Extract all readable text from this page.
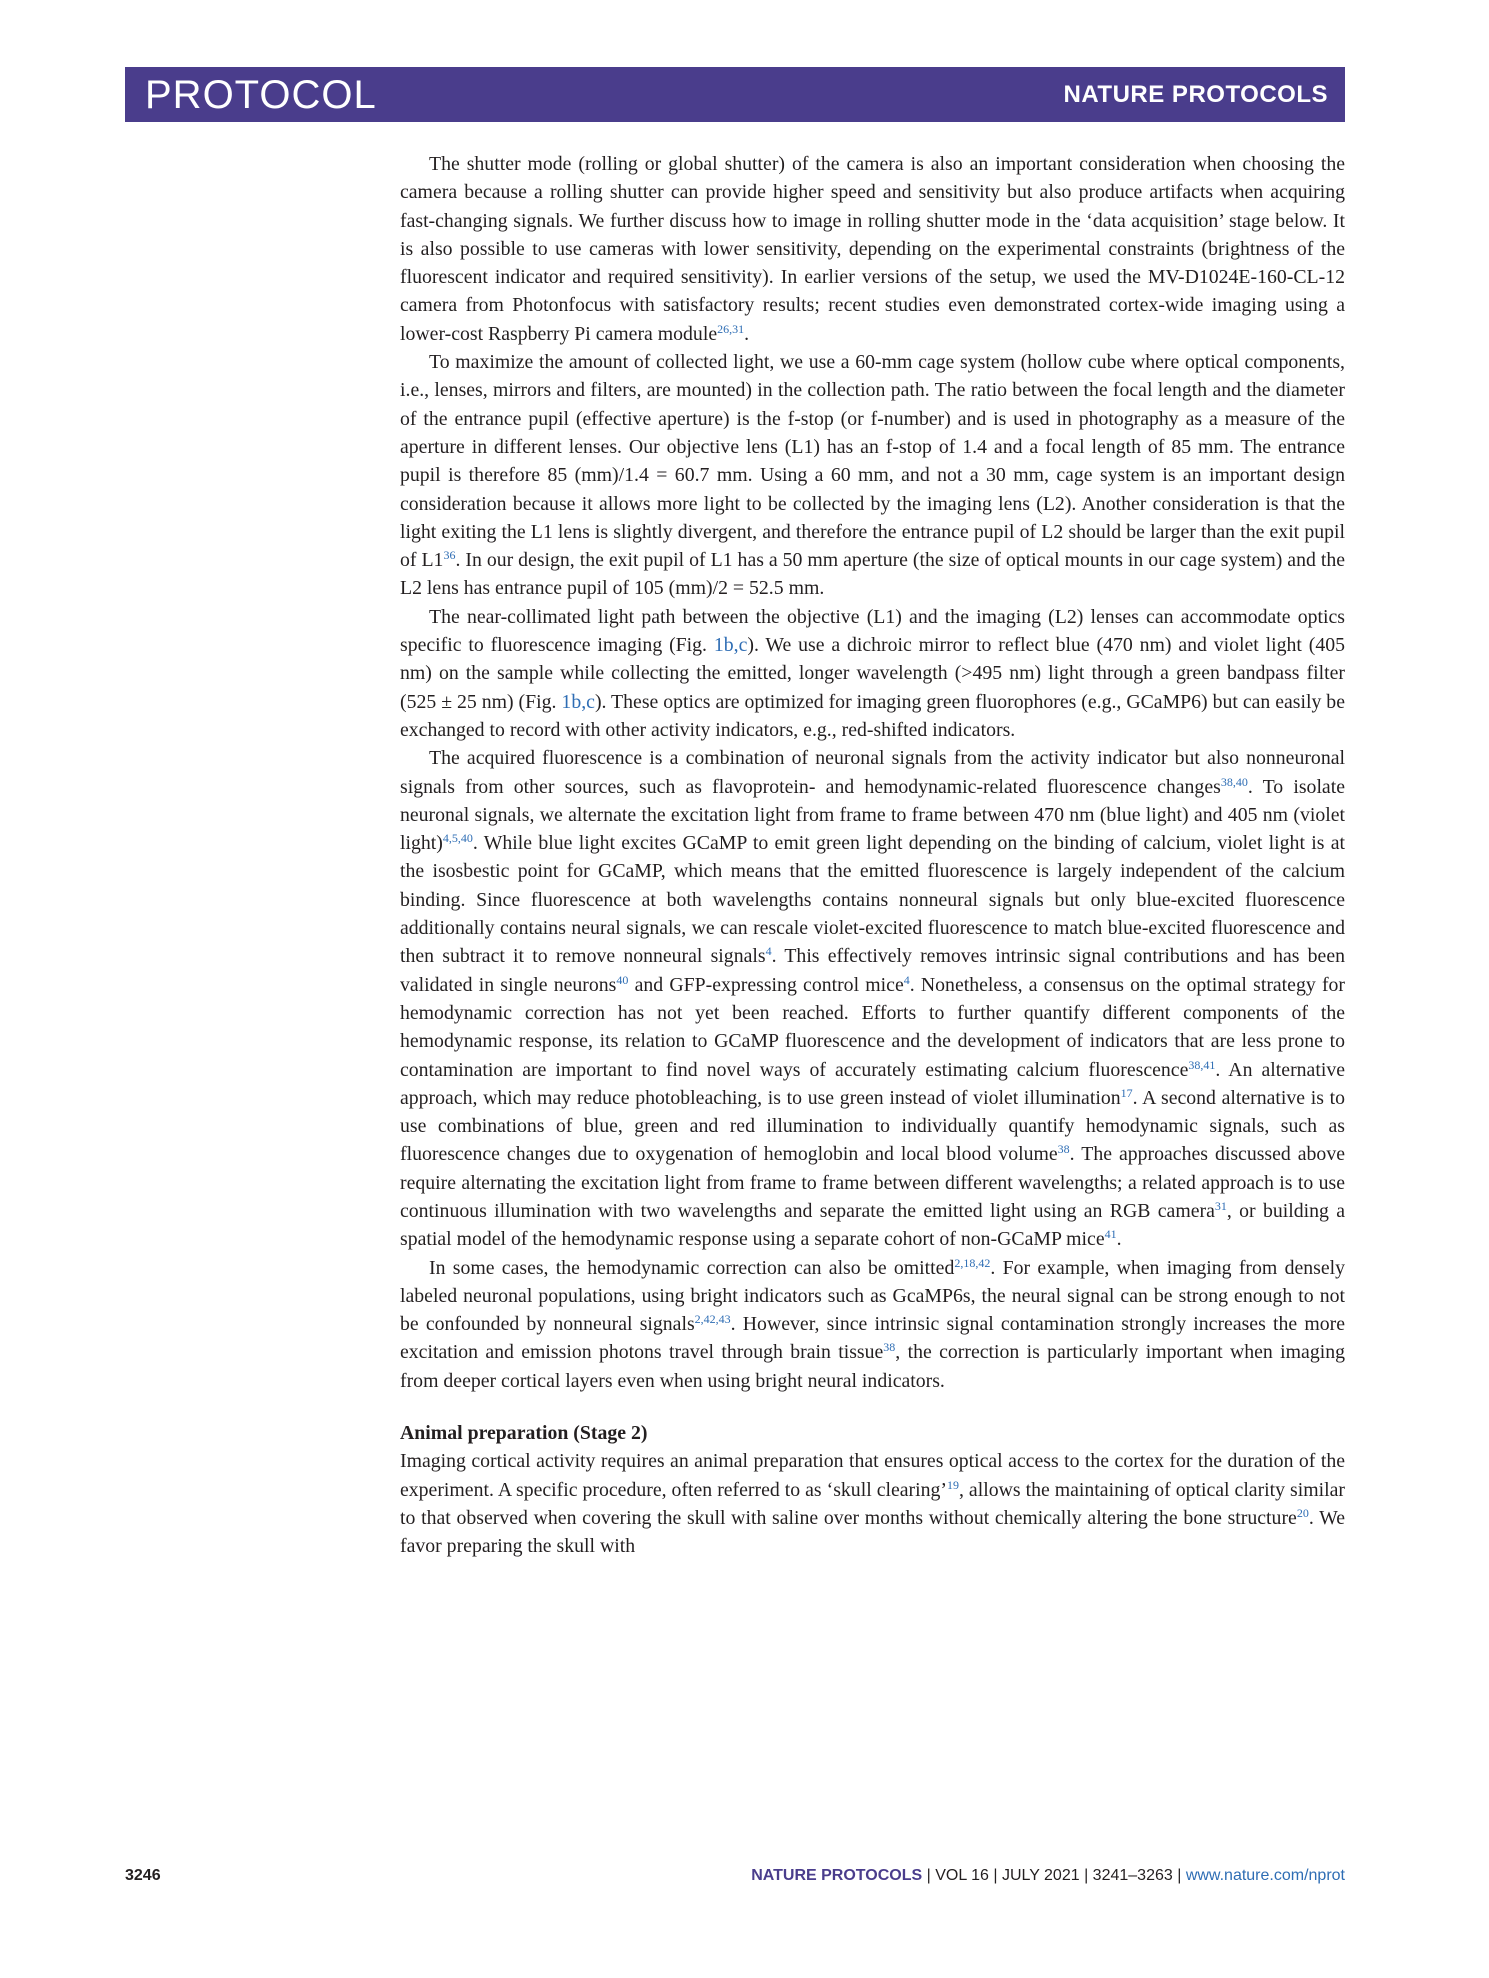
PROTOCOL	NATURE PROTOCOLS

The shutter mode (rolling or global shutter) of the camera is also an important consideration when choosing the camera because a rolling shutter can provide higher speed and sensitivity but also produce artifacts when acquiring fast-changing signals. We further discuss how to image in rolling shutter mode in the ‘data acquisition’ stage below. It is also possible to use cameras with lower sensitivity, depending on the experimental constraints (brightness of the fluorescent indicator and required sensitivity). In earlier versions of the setup, we used the MV-D1024E-160-CL-12 camera from Photonfocus with satisfactory results; recent studies even demonstrated cortex-wide imaging using a lower-cost Raspberry Pi camera module$^{26,31}$.

To maximize the amount of collected light, we use a 60-mm cage system (hollow cube where optical components, i.e., lenses, mirrors and filters, are mounted) in the collection path. The ratio between the focal length and the diameter of the entrance pupil (effective aperture) is the f-stop (or f-number) and is used in photography as a measure of the aperture in different lenses. Our objective lens (L1) has an f-stop of 1.4 and a focal length of 85 mm. The entrance pupil is therefore 85 (mm)/1.4 = 60.7 mm. Using a 60 mm, and not a 30 mm, cage system is an important design consideration because it allows more light to be collected by the imaging lens (L2). Another consideration is that the light exiting the L1 lens is slightly divergent, and therefore the entrance pupil of L2 should be larger than the exit pupil of $L1^{36}$. In our design, the exit pupil of L1 has a 50 mm aperture (the size of optical mounts in our cage system) and the L2 lens has entrance pupil of 105 (mm)/2 = 52.5 mm.

The near-collimated light path between the objective (L1) and the imaging (L2) lenses can accommodate optics specific to fluorescence imaging (Fig. 1b,c). We use a dichroic mirror to reflect blue (470 nm) and violet light (405 nm) on the sample while collecting the emitted, longer wavelength (>495 nm) light through a green bandpass filter (525 ± 25 nm) (Fig. 1b,c). These optics are optimized for imaging green fluorophores (e.g., GCaMP6) but can easily be exchanged to record with other activity indicators, e.g., red-shifted indicators.

The acquired fluorescence is a combination of neuronal signals from the activity indicator but also nonneuronal signals from other sources, such as flavoprotein- and hemodynamic-related fluorescence changes$^{38,40}$. To isolate neuronal signals, we alternate the excitation light from frame to frame between 470 nm (blue light) and 405 nm (violet light)$^{4,5,40}$. While blue light excites GCaMP to emit green light depending on the binding of calcium, violet light is at the isosbestic point for GCaMP, which means that the emitted fluorescence is largely independent of the calcium binding. Since fluorescence at both wavelengths contains nonneural signals but only blue-excited fluorescence additionally contains neural signals, we can rescale violet-excited fluorescence to match blue-excited fluorescence and then subtract it to remove nonneural signals$^4$. This effectively removes intrinsic signal contributions and has been validated in single neurons$^{40}$ and GFP-expressing control mice$^4$. Nonetheless, a consensus on the optimal strategy for hemodynamic correction has not yet been reached. Efforts to further quantify different components of the hemodynamic response, its relation to GCaMP fluorescence and the development of indicators that are less prone to contamination are important to find novel ways of accurately estimating calcium fluorescence$^{38,41}$. An alternative approach, which may reduce photobleaching, is to use green instead of violet illumination$^{17}$. A second alternative is to use combinations of blue, green and red illumination to individually quantify hemodynamic signals, such as fluorescence changes due to oxygenation of hemoglobin and local blood volume$^{38}$. The approaches discussed above require alternating the excitation light from frame to frame between different wavelengths; a related approach is to use continuous illumination with two wavelengths and separate the emitted light using an RGB camera$^{31}$, or building a spatial model of the hemodynamic response using a separate cohort of non-GCaMP mice$^{41}$.

In some cases, the hemodynamic correction can also be omitted$^{2,18,42}$. For example, when imaging from densely labeled neuronal populations, using bright indicators such as GcaMP6s, the neural signal can be strong enough to not be confounded by nonneural signals$^{2,42,43}$. However, since intrinsic signal contamination strongly increases the more excitation and emission photons travel through brain tissue$^{38}$, the correction is particularly important when imaging from deeper cortical layers even when using bright neural indicators.

Animal preparation (Stage 2)

Imaging cortical activity requires an animal preparation that ensures optical access to the cortex for the duration of the experiment. A specific procedure, often referred to as ‘skull clearing’$^{19}$, allows the maintaining of optical clarity similar to that observed when covering the skull with saline over months without chemically altering the bone structure$^{20}$. We favor preparing the skull with

3246	NATURE PROTOCOLS | VOL 16 | JULY 2021 | 3241–3263 | www.nature.com/nprot
